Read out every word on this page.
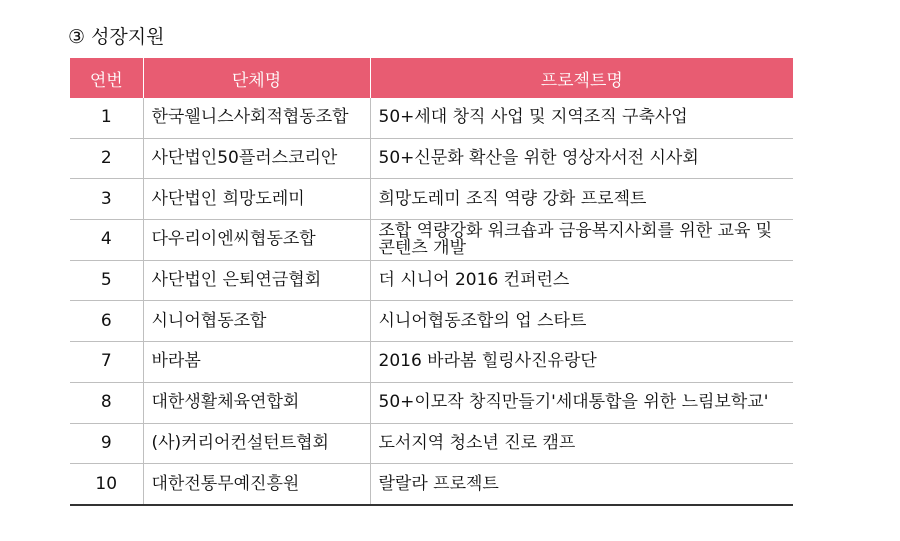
③ 성장지원
연번	단체명	프로젝트명
1	한국웰니스사회적협동조합	50+세대 창직 사업 및 지역조직 구축사업
2	사단법인50플러스코리안	50+신문화 확산을 위한 영상자서전 시사회
3	사단법인 희망도레미	희망도레미 조직 역량 강화 프로젝트
4	다우리이엔씨협동조합	조합 역량강화 워크숍과 금융복지사회를 위한 교육 및 콘텐츠 개발
5	사단법인 은퇴연금협회	더 시니어 2016 컨퍼런스
6	시니어협동조합	시니어협동조합의 업 스타트
7	바라봄	2016 바라봄 힐링사진유랑단
8	대한생활체육연합회	50+이모작 창직만들기'세대통합을 위한 느림보학교'
9	(사)커리어컨설턴트협회	도서지역 청소년 진로 캠프
10	대한전통무예진흥원	랄랄라 프로젝트
